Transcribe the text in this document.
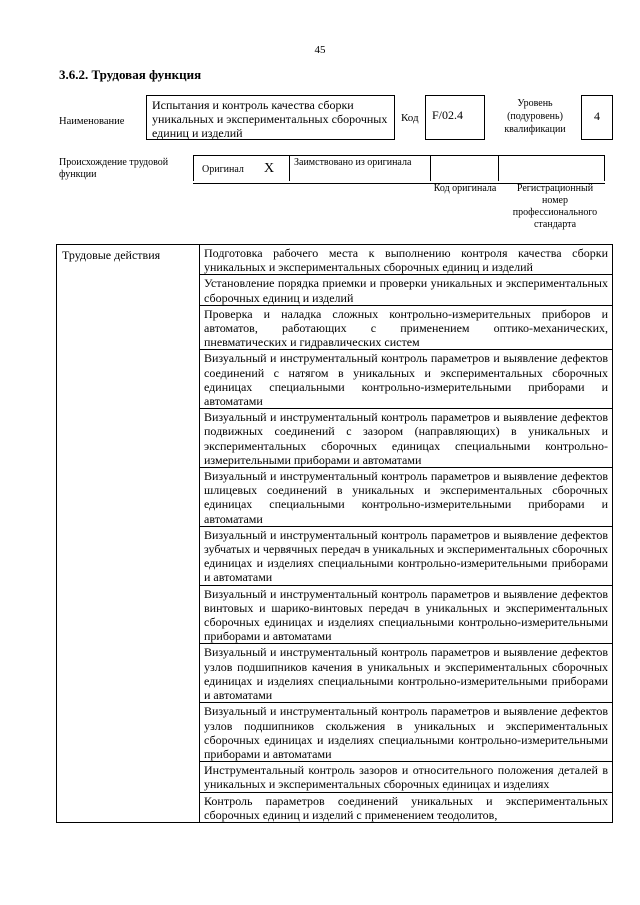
45
3.6.2. Трудовая функция
Наименование
Испытания и контроль качества сборки уникальных и экспериментальных сборочных единиц и изделий
Код	F/02.4
Уровень (подуровень) квалификации
4
Происхождение трудовой функции	Оригинал X	Заимствовано из оригинала
Код оригинала	Регистрационный номер профессионального стандарта
Трудовые действия	Подготовка рабочего места к выполнению контроля качества сборки уникальных и экспериментальных сборочных единиц и изделий
Установление порядка приемки и проверки уникальных и экспериментальных сборочных единиц и изделий
Проверка и наладка сложных контрольно-измерительных приборов и автоматов, работающих с применением оптико-механических, пневматических и гидравлических систем
Визуальный и инструментальный контроль параметров и выявление дефектов соединений с натягом в уникальных и экспериментальных сборочных единицах специальными контрольно-измерительными приборами и автоматами
Визуальный и инструментальный контроль параметров и выявление дефектов подвижных соединений с зазором (направляющих) в уникальных и экспериментальных сборочных единицах специальными контрольно-измерительными приборами и автоматами
Визуальный и инструментальный контроль параметров и выявление дефектов шлицевых соединений в уникальных и экспериментальных сборочных единицах специальными контрольно-измерительными приборами и автоматами
Визуальный и инструментальный контроль параметров и выявление дефектов зубчатых и червячных передач в уникальных и экспериментальных сборочных единицах и изделиях специальными контрольно-измерительными приборами и автоматами
Визуальный и инструментальный контроль параметров и выявление дефектов винтовых и шарико-винтовых передач в уникальных и экспериментальных сборочных единицах и изделиях специальными контрольно-измерительными приборами и автоматами
Визуальный и инструментальный контроль параметров и выявление дефектов узлов подшипников качения в уникальных и экспериментальных сборочных единицах и изделиях специальными контрольно-измерительными приборами и автоматами
Визуальный и инструментальный контроль параметров и выявление дефектов узлов подшипников скольжения в уникальных и экспериментальных сборочных единицах и изделиях специальными контрольно-измерительными приборами и автоматами
Инструментальный контроль зазоров и относительного положения деталей в уникальных и экспериментальных сборочных единицах и изделиях
Контроль параметров соединений уникальных и экспериментальных сборочных единиц и изделий с применением теодолитов,
